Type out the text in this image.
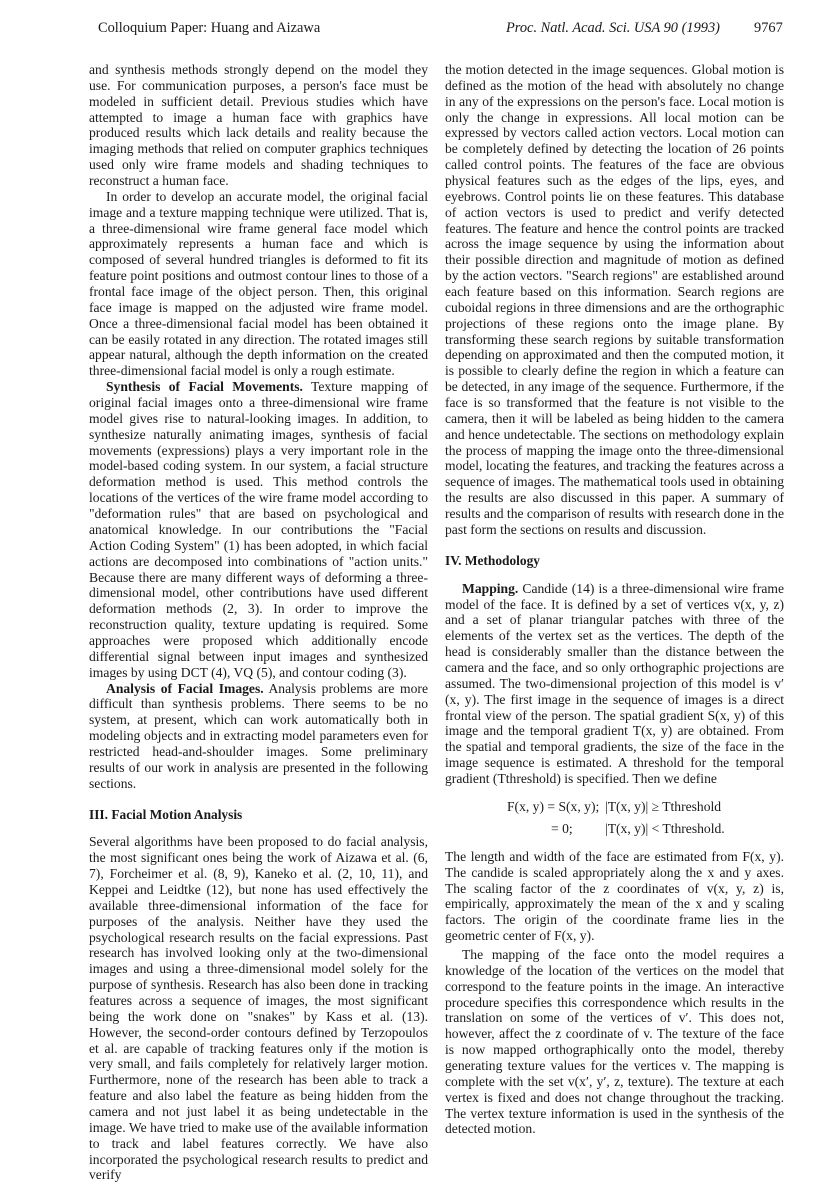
Colloquium Paper: Huang and Aizawa	Proc. Natl. Acad. Sci. USA 90 (1993) 9767

and synthesis methods strongly depend on the model they use. For communication purposes, a person's face must be modeled in sufficient detail. Previous studies which have attempted to image a human face with graphics have produced results which lack details and reality because the imaging methods that relied on computer graphics techniques used only wire frame models and shading techniques to reconstruct a human face.

In order to develop an accurate model, the original facial image and a texture mapping technique were utilized. That is, a three-dimensional wire frame general face model which approximately represents a human face and which is composed of several hundred triangles is deformed to fit its feature point positions and outmost contour lines to those of a frontal face image of the object person. Then, this original face image is mapped on the adjusted wire frame model. Once a three-dimensional facial model has been obtained it can be easily rotated in any direction. The rotated images still appear natural, although the depth information on the created three-dimensional facial model is only a rough estimate.

Synthesis of Facial Movements. Texture mapping of original facial images onto a three-dimensional wire frame model gives rise to natural-looking images. In addition, to synthesize naturally animating images, synthesis of facial movements (expressions) plays a very important role in the model-based coding system. In our system, a facial structure deformation method is used. This method controls the locations of the vertices of the wire frame model according to "deformation rules" that are based on psychological and anatomical knowledge. In our contributions the "Facial Action Coding System" (1) has been adopted, in which facial actions are decomposed into combinations of "action units." Because there are many different ways of deforming a three-dimensional model, other contributions have used different deformation methods (2, 3). In order to improve the reconstruction quality, texture updating is required. Some approaches were proposed which additionally encode differential signal between input images and synthesized images by using DCT (4), VQ (5), and contour coding (3).

Analysis of Facial Images. Analysis problems are more difficult than synthesis problems. There seems to be no system, at present, which can work automatically both in modeling objects and in extracting model parameters even for restricted head-and-shoulder images. Some preliminary results of our work in analysis are presented in the following sections.

III. Facial Motion Analysis

Several algorithms have been proposed to do facial analysis, the most significant ones being the work of Aizawa et al. (6, 7), Forcheimer et al. (8, 9), Kaneko et al. (2, 10, 11), and Keppei and Leidtke (12), but none has used effectively the available three-dimensional information of the face for purposes of the analysis. Neither have they used the psychological research results on the facial expressions. Past research has involved looking only at the two-dimensional images and using a three-dimensional model solely for the purpose of synthesis. Research has also been done in tracking features across a sequence of images, the most significant being the work done on "snakes" by Kass et al. (13). However, the second-order contours defined by Terzopoulos et al. are capable of tracking features only if the motion is very small, and fails completely for relatively larger motion. Furthermore, none of the research has been able to track a feature and also label the feature as being hidden from the camera and not just label it as being undetectable in the image. We have tried to make use of the available information to track and label features correctly. We have also incorporated the psychological research results to predict and verify

the motion detected in the image sequences. Global motion is defined as the motion of the head with absolutely no change in any of the expressions on the person's face. Local motion is only the change in expressions. All local motion can be expressed by vectors called action vectors. Local motion can be completely defined by detecting the location of 26 points called control points. The features of the face are obvious physical features such as the edges of the lips, eyes, and eyebrows. Control points lie on these features. This database of action vectors is used to predict and verify detected features. The feature and hence the control points are tracked across the image sequence by using the information about their possible direction and magnitude of motion as defined by the action vectors. "Search regions" are established around each feature based on this information. Search regions are cuboidal regions in three dimensions and are the orthographic projections of these regions onto the image plane. By transforming these search regions by suitable transformation depending on approximated and then the computed motion, it is possible to clearly define the region in which a feature can be detected, in any image of the sequence. Furthermore, if the face is so transformed that the feature is not visible to the camera, then it will be labeled as being hidden to the camera and hence undetectable. The sections on methodology explain the process of mapping the image onto the three-dimensional model, locating the features, and tracking the features across a sequence of images. The mathematical tools used in obtaining the results are also discussed in this paper. A summary of results and the comparison of results with research done in the past form the sections on results and discussion.

IV. Methodology

Mapping. Candide (14) is a three-dimensional wire frame model of the face. It is defined by a set of vertices v(x, y, z) and a set of planar triangular patches with three of the elements of the vertex set as the vertices. The depth of the head is considerably smaller than the distance between the camera and the face, and so only orthographic projections are assumed. The two-dimensional projection of this model is v′(x, y). The first image in the sequence of images is a direct frontal view of the person. The spatial gradient S(x, y) of this image and the temporal gradient T(x, y) are obtained. From the spatial and temporal gradients, the size of the face in the image sequence is estimated. A threshold for the temporal gradient (Tthreshold) is specified. Then we define

F(x, y) = S(x, y); |T(x, y)| ≥ Tthreshold
= 0; |T(x, y)| < Tthreshold.

The length and width of the face are estimated from F(x, y). The candide is scaled appropriately along the x and y axes. The scaling factor of the z coordinates of v(x, y, z) is, empirically, approximately the mean of the x and y scaling factors. The origin of the coordinate frame lies in the geometric center of F(x, y).

The mapping of the face onto the model requires a knowledge of the location of the vertices on the model that correspond to the feature points in the image. An interactive procedure specifies this correspondence which results in the translation on some of the vertices of v′. This does not, however, affect the z coordinate of v. The texture of the face is now mapped orthographically onto the model, thereby generating texture values for the vertices v. The mapping is complete with the set v(x′, y′, z, texture). The texture at each vertex is fixed and does not change throughout the tracking. The vertex texture information is used in the synthesis of the detected motion.
